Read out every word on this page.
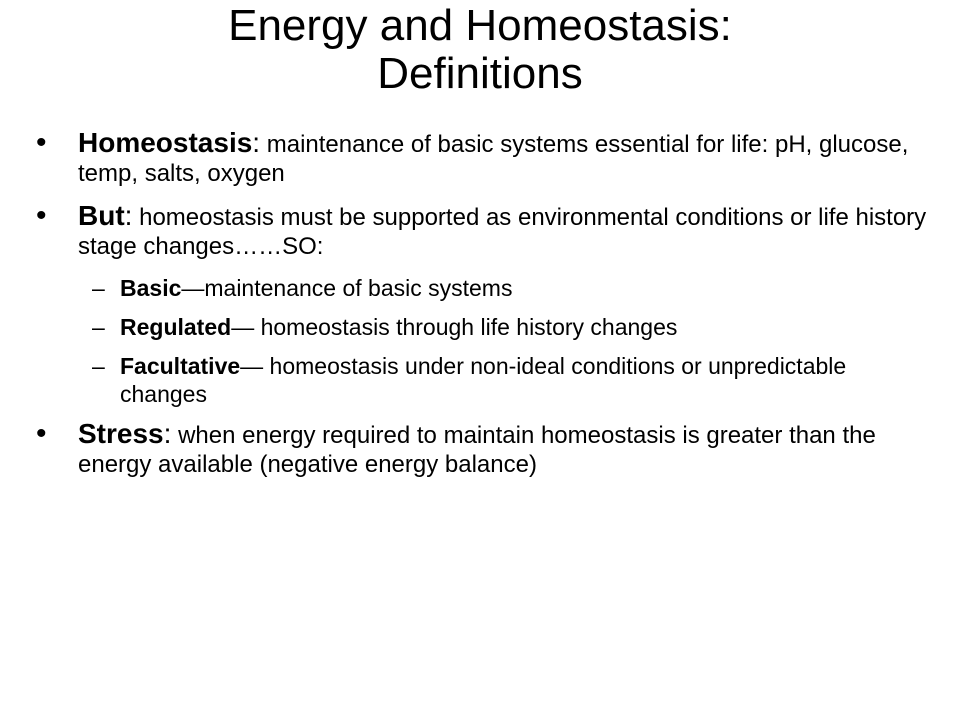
Energy and Homeostasis:
Definitions
• Homeostasis: maintenance of basic systems essential for life: pH, glucose, temp, salts, oxygen
• But: homeostasis must be supported as environmental conditions or life history stage changes……SO:
– Basic—maintenance of basic systems
– Regulated— homeostasis through life history changes
– Facultative— homeostasis under non-ideal conditions or unpredictable changes
• Stress: when energy required to maintain homeostasis is greater than the energy available (negative energy balance)
